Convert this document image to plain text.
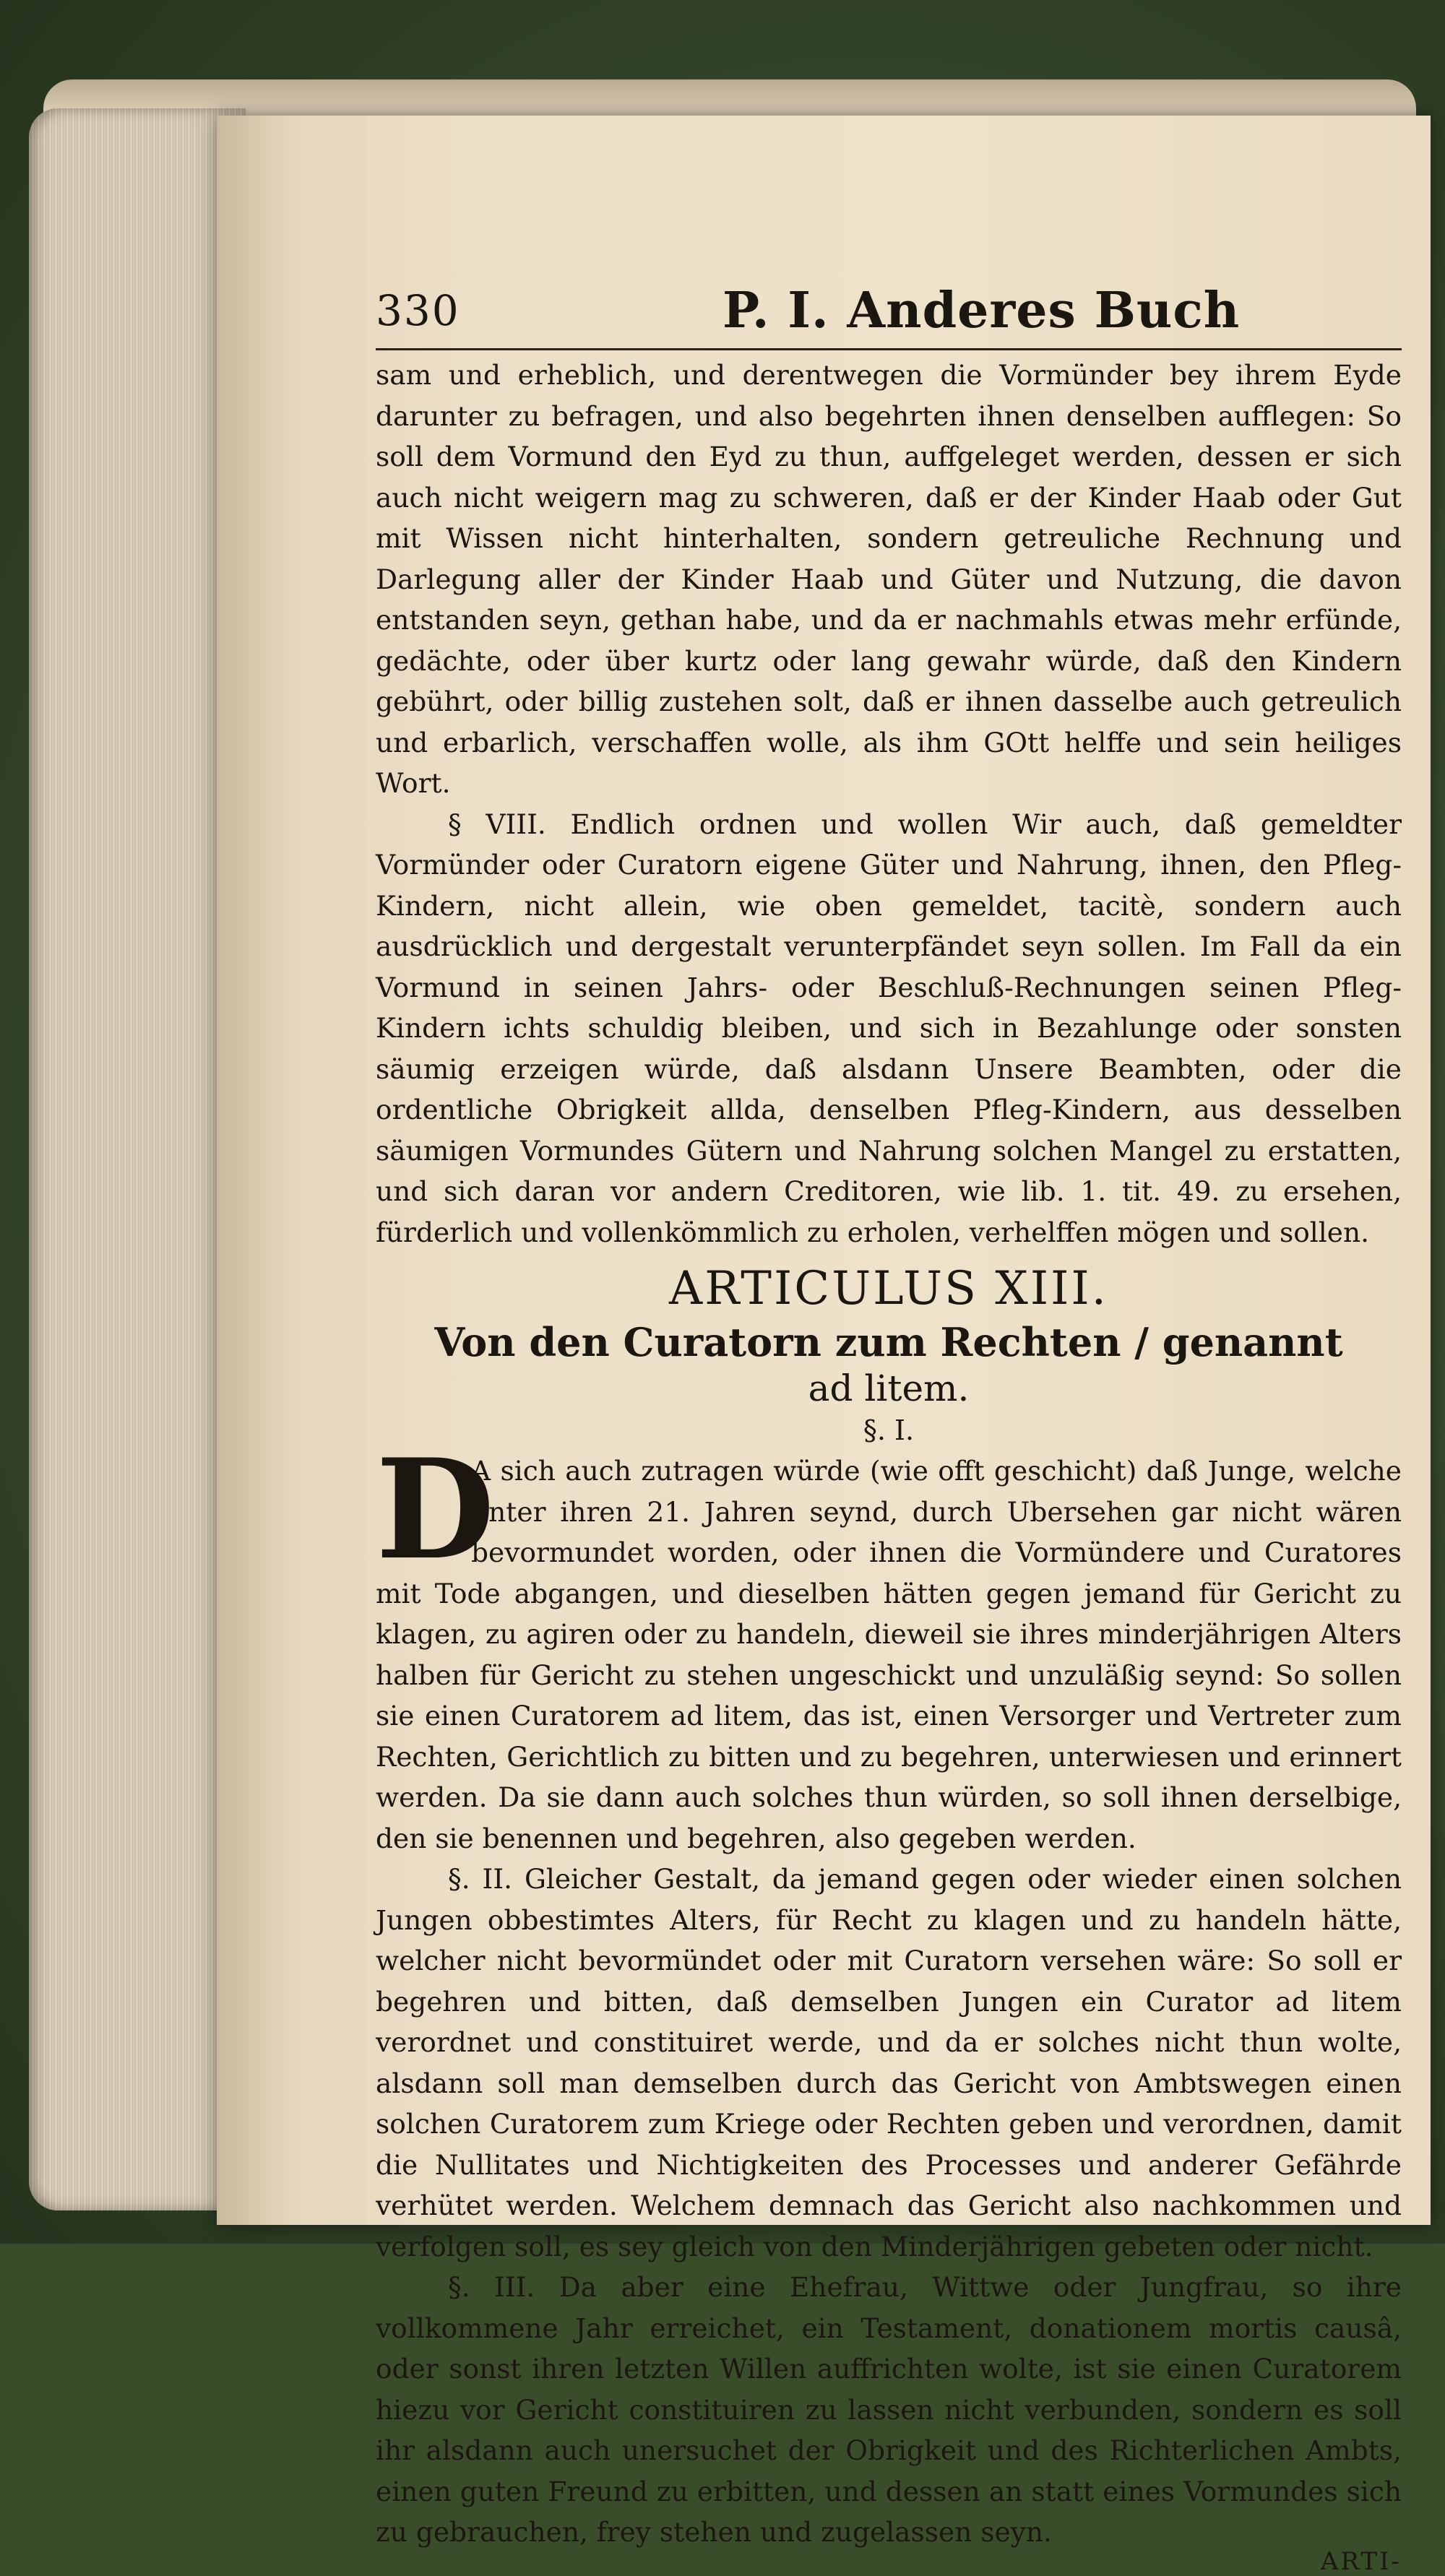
330	P. I. Anderes Buch

sam und erheblich, und derentwegen die Vormünder bey ihrem Eyde darunter zu befragen, und also begehrten ihnen denselben aufflegen: So soll dem Vormund den Eyd zu thun, auffgeleget werden, dessen er sich auch nicht weigern mag zu schweren, daß er der Kinder Haab oder Gut mit Wissen nicht hinterhalten, sondern getreuliche Rechnung und Darlegung aller der Kinder Haab und Güter und Nutzung, die davon entstanden seyn, gethan habe, und da er nachmahls etwas mehr erfünde, gedächte, oder über kurtz oder lang gewahr würde, daß den Kindern gebührt, oder billig zustehen solt, daß er ihnen dasselbe auch getreulich und erbarlich, verschaffen wolle, als ihm GOtt helffe und sein heiliges Wort.

§ VIII. Endlich ordnen und wollen Wir auch, daß gemeldter Vormünder oder Curatorn eigene Güter und Nahrung, ihnen, den Pfleg-Kindern, nicht allein, wie oben gemeldet, tacitè, sondern auch ausdrücklich und dergestalt verunterpfändet seyn sollen. Im Fall da ein Vormund in seinen Jahrs- oder Beschluß-Rechnungen seinen Pfleg-Kindern ichts schuldig bleiben, und sich in Bezahlunge oder sonsten säumig erzeigen würde, daß alsdann Unsere Beambten, oder die ordentliche Obrigkeit allda, denselben Pfleg-Kindern, aus desselben säumigen Vormundes Gütern und Nahrung solchen Mangel zu erstatten, und sich daran vor andern Creditoren, wie lib. 1. tit. 49. zu ersehen, fürderlich und vollenkömmlich zu erholen, verhelffen mögen und sollen.

ARTICULUS XIII.
Von den Curatorn zum Rechten / genannt
ad litem.
§. I.
D

A sich auch zutragen würde (wie offt geschicht) daß Junge, welche unter ihren 21. Jahren seynd, durch Ubersehen gar nicht wären bevormundet worden, oder ihnen die Vormündere und Curatores mit Tode abgangen, und dieselben hätten gegen jemand für Gericht zu klagen, zu agiren oder zu handeln, dieweil sie ihres minderjährigen Alters halben für Gericht zu stehen ungeschickt und unzuläßig seynd: So sollen sie einen Curatorem ad litem, das ist, einen Versorger und Vertreter zum Rechten, Gerichtlich zu bitten und zu begehren, unterwiesen und erinnert werden. Da sie dann auch solches thun würden, so soll ihnen derselbige, den sie benennen und begehren, also gegeben werden.

§. II. Gleicher Gestalt, da jemand gegen oder wieder einen solchen Jungen obbestimtes Alters, für Recht zu klagen und zu handeln hätte, welcher nicht bevormündet oder mit Curatorn versehen wäre: So soll er begehren und bitten, daß demselben Jungen ein Curator ad litem verordnet und constituiret werde, und da er solches nicht thun wolte, alsdann soll man demselben durch das Gericht von Ambtswegen einen solchen Curatorem zum Kriege oder Rechten geben und verordnen, damit die Nullitates und Nichtigkeiten des Processes und anderer Gefährde verhütet werden. Welchem demnach das Gericht also nachkommen und verfolgen soll, es sey gleich von den Minderjährigen gebeten oder nicht.

§. III. Da aber eine Ehefrau, Wittwe oder Jungfrau, so ihre vollkommene Jahr erreichet, ein Testament, donationem mortis causâ, oder sonst ihren letzten Willen auffrichten wolte, ist sie einen Curatorem hiezu vor Gericht constituiren zu lassen nicht verbunden, sondern es soll ihr alsdann auch unersuchet der Obrigkeit und des Richterlichen Ambts, einen guten Freund zu erbitten, und dessen an statt eines Vormundes sich zu gebrauchen, frey stehen und zugelassen seyn.

ARTI-
